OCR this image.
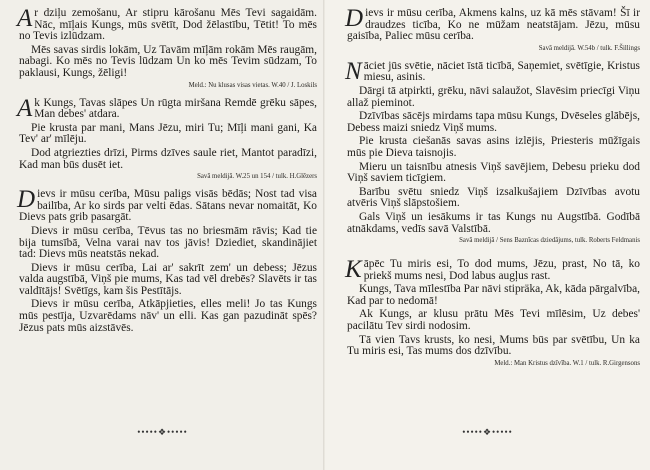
Ar dziļu zemošanu, Ar stipru kārošanu Mēs Tevi sagaidām. Nāc, mīļais Kungs, mūs svētīt, Dod žēlastību, Tētit! To mēs no Tevis izlūdzam.

Mēs savas sirdis lokām, Uz Tavām mīļām rokām Mēs raugām, nabagi. Ko mēs no Tevis lūdzam Un ko mēs Tevim sūdzam, To paklausi, Kungs, žēligi!

Meld.: Nu klusas visas vietas. W.40 / J. Loskils

Ak Kungs, Tavas slāpes Un rūgta miršana Remdē grēku sāpes, Man debes' atdara.

Pie krusta par mani, Mans Jēzu, miri Tu; Mīļi mani gani, Ka Tev' ar' mīlēju.

Dod atgriezties drīzi, Pirms dzīves saule riet, Mantot paradīzi, Kad man būs dusēt iet.

Savā meldijā. W.25 un 154 / tulk. H.Glēzers

Dievs ir mūsu cerība, Mūsu paligs visās bēdās; Nost tad visa bailība, Ar ko sirds par velti ēdas. Sātans nevar nomaitāt, Ko Dievs pats grib pasargāt.

Dievs ir mūsu cerība, Tēvus tas no briesmām rāvis; Kad tie bija tumsībā, Velna varai nav tos jāvis! Dziediet, skandinājiet tad: Dievs mūs neatstās nekad.

Dievs ir mūsu cerība, Lai ar' sakrīt zem' un debess; Jēzus valda augstībā, Viņš pie mums, Kas tad vēl drebēs? Slavēts ir tas valdītājs! Svētīgs, kam šis Pestītājs.

Dievs ir mūsu cerība, Atkāpjieties, elles meli! Jo tas Kungs mūs pestīja, Uzvarēdams nāv' un elli. Kas gan pazudināt spēs? Jēzus pats mūs aizstāvēs.

•••••❖•••••

Dievs ir mūsu cerība, Akmens kalns, uz kā mēs stāvam! Šī ir draudzes ticība, Ko ne mūžam neatstājam. Jēzu, mūsu gaisība, Paliec mūsu cerība.

Savā meldijā. W.54b / tulk. F.Šillings

Nāciet jūs svētie, nāciet īstā ticībā, Saņemiet, svētīgie, Kristus miesu, asinis.

Dārgi tā atpirkti, grēku, nāvi salaužot, Slavēsim priecīgi Viņu allaž pieminot.

Dzīvības sācējs mirdams tapa mūsu Kungs, Dvēseles glābējs, Debess maizi sniedz Viņš mums.

Pie krusta ciešanās savas asins izlējis, Priesteris mūžīgais mūs pie Dieva taisnojis.

Mieru un taisnību atnesis Viņš savējiem, Debesu prieku dod Viņš saviem ticīgiem.

Barību svētu sniedz Viņš izsalkušajiem Dzīvības avotu atvēris Viņš slāpstošiem.

Gals Viņš un iesākums ir tas Kungs nu Augstībā. Godībā atnākdams, vedīs savā Valstībā.

Savā meldijā / Sens Baznīcas dziedājums, tulk. Roberts Feldmanis

Kāpēc Tu miris esi, To dod mums, Jēzu, prast, No tā, ko priekš mums nesi, Dod labus augļus rast.

Kungs, Tava mīlestība Par nāvi stipräka, Ak, kāda pārgalvība, Kad par to nedomā!

Ak Kungs, ar klusu prātu Mēs Tevi mīlēsim, Uz debes' pacilātu Tev sirdi nodosim.

Tā vien Tavs krusts, ko nesi, Mums būs par svētību, Un ka Tu miris esi, Tas mums dos dzīvību.

Meld.: Man Kristus dzīvība. W.1 / tulk. R.Girgensons

•••••❖•••••
